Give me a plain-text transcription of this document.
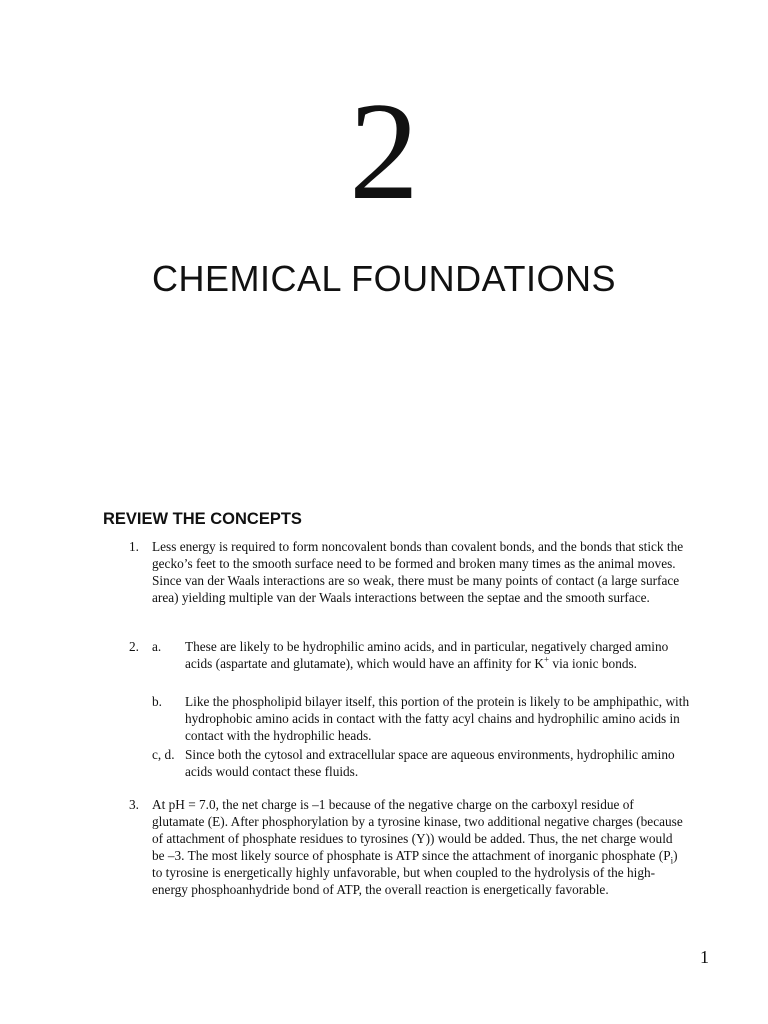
2
CHEMICAL FOUNDATIONS
REVIEW THE CONCEPTS
1. Less energy is required to form noncovalent bonds than covalent bonds, and the bonds that stick the gecko’s feet to the smooth surface need to be formed and broken many times as the animal moves. Since van der Waals interactions are so weak, there must be many points of contact (a large surface area) yielding multiple van der Waals interactions between the septae and the smooth surface.
2. a. These are likely to be hydrophilic amino acids, and in particular, negatively charged amino acids (aspartate and glutamate), which would have an affinity for K+ via ionic bonds.
b. Like the phospholipid bilayer itself, this portion of the protein is likely to be amphipathic, with hydrophobic amino acids in contact with the fatty acyl chains and hydrophilic amino acids in contact with the hydrophilic heads.
c, d. Since both the cytosol and extracellular space are aqueous environments, hydrophilic amino acids would contact these fluids.
3. At pH = 7.0, the net charge is –1 because of the negative charge on the carboxyl residue of glutamate (E). After phosphorylation by a tyrosine kinase, two additional negative charges (because of attachment of phosphate residues to tyrosines (Y)) would be added. Thus, the net charge would be –3. The most likely source of phosphate is ATP since the attachment of inorganic phosphate $(P_i)$ to tyrosine is energetically highly unfavorable, but when coupled to the hydrolysis of the high-energy phosphoanhydride bond of ATP, the overall reaction is energetically favorable.
1
